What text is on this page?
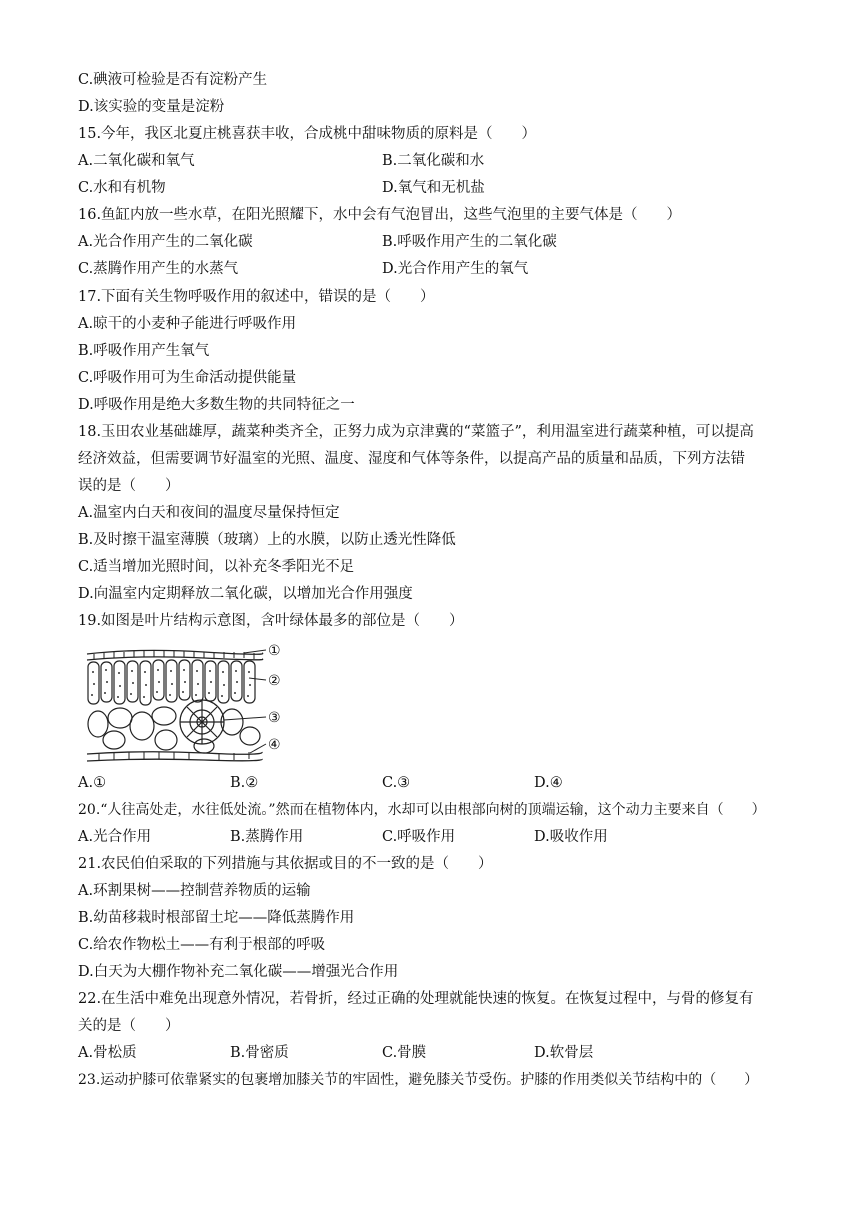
C.碘液可检验是否有淀粉产生
D.该实验的变量是淀粉
15.今年，我区北夏庄桃喜获丰收，合成桃中甜味物质的原料是（　　）
A.二氧化碳和氧气	B.二氧化碳和水
C.水和有机物	D.氧气和无机盐
16.鱼缸内放一些水草，在阳光照耀下，水中会有气泡冒出，这些气泡里的主要气体是（　　）
A.光合作用产生的二氧化碳	B.呼吸作用产生的二氧化碳
C.蒸腾作用产生的水蒸气	D.光合作用产生的氧气
17.下面有关生物呼吸作用的叙述中，错误的是（　　）
A.晾干的小麦种子能进行呼吸作用
B.呼吸作用产生氧气
C.呼吸作用可为生命活动提供能量
D.呼吸作用是绝大多数生物的共同特征之一
18.玉田农业基础雄厚，蔬菜种类齐全，正努力成为京津冀的“菜篮子”，利用温室进行蔬菜种植，可以提高
经济效益，但需要调节好温室的光照、温度、湿度和气体等条件，以提高产品的质量和品质，下列方法错
误的是（　　）
A.温室内白天和夜间的温度尽量保持恒定
B.及时擦干温室薄膜（玻璃）上的水膜，以防止透光性降低
C.适当增加光照时间，以补充冬季阳光不足
D.向温室内定期释放二氧化碳，以增加光合作用强度
19.如图是叶片结构示意图，含叶绿体最多的部位是（　　）
①
②
③
④
A.①	B.②	C.③	D.④
20.“人往高处走，水往低处流。”然而在植物体内，水却可以由根部向树的顶端运输，这个动力主要来自（　　）
A.光合作用	B.蒸腾作用	C.呼吸作用	D.吸收作用
21.农民伯伯采取的下列措施与其依据或目的不一致的是（　　）
A.环割果树——控制营养物质的运输
B.幼苗移栽时根部留土坨——降低蒸腾作用
C.给农作物松土——有利于根部的呼吸
D.白天为大棚作物补充二氧化碳——增强光合作用
22.在生活中难免出现意外情况，若骨折，经过正确的处理就能快速的恢复。在恢复过程中，与骨的修复有
关的是（　　）
A.骨松质	B.骨密质	C.骨膜	D.软骨层
23.运动护膝可依靠紧实的包裹增加膝关节的牢固性，避免膝关节受伤。护膝的作用类似关节结构中的（　　）
